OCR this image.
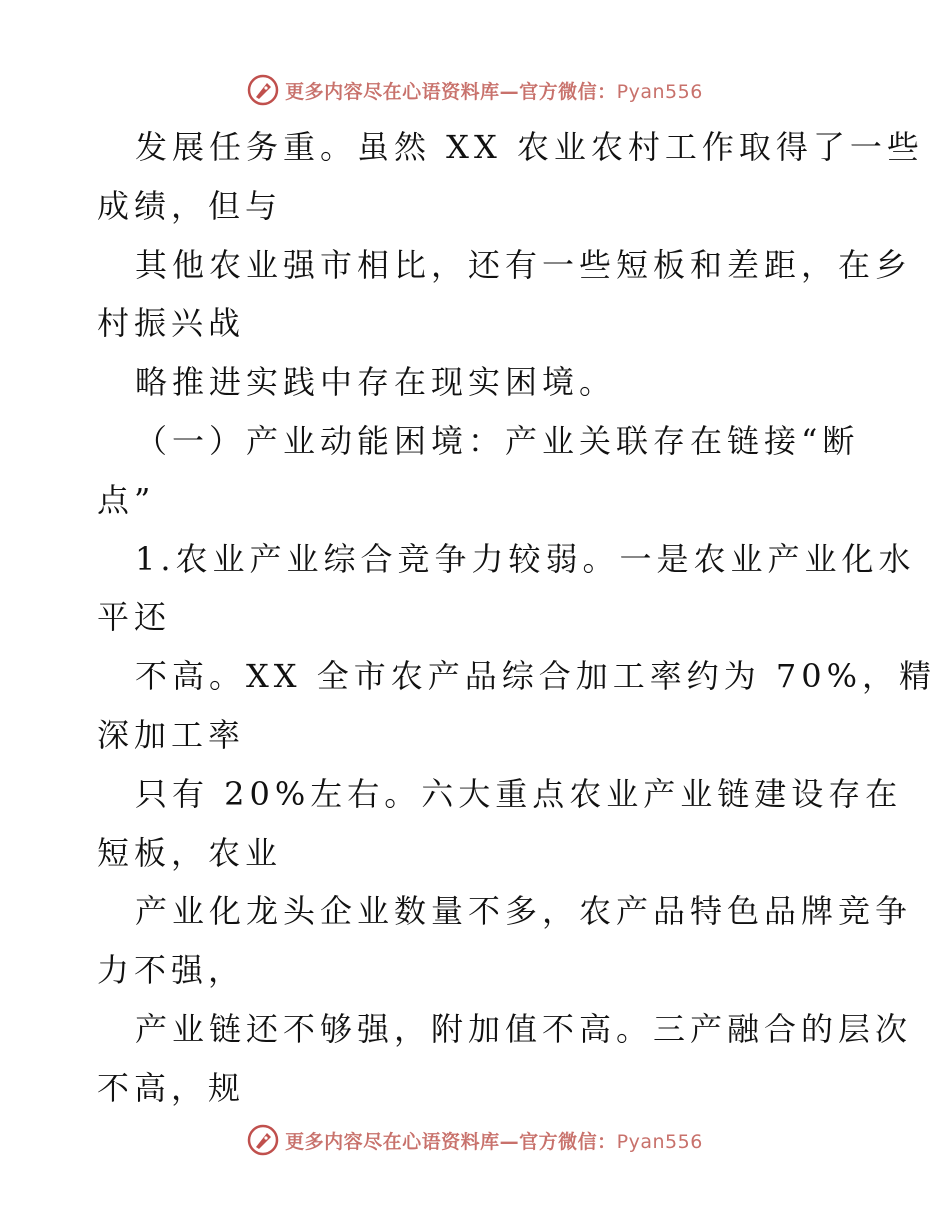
更多内容尽在心语资料库—官方微信：Pyan556
发展任务重。虽然 XX 农业农村工作取得了一些
成绩，但与
其他农业强市相比，还有一些短板和差距，在乡
村振兴战
略推进实践中存在现实困境。
（一）产业动能困境：产业关联存在链接“断
点”
1.农业产业综合竞争力较弱。一是农业产业化水
平还
不高。XX 全市农产品综合加工率约为 70%，精
深加工率
只有 20%左右。六大重点农业产业链建设存在
短板，农业
产业化龙头企业数量不多，农产品特色品牌竞争
力不强，
产业链还不够强，附加值不高。三产融合的层次
不高，规
更多内容尽在心语资料库—官方微信：Pyan556
